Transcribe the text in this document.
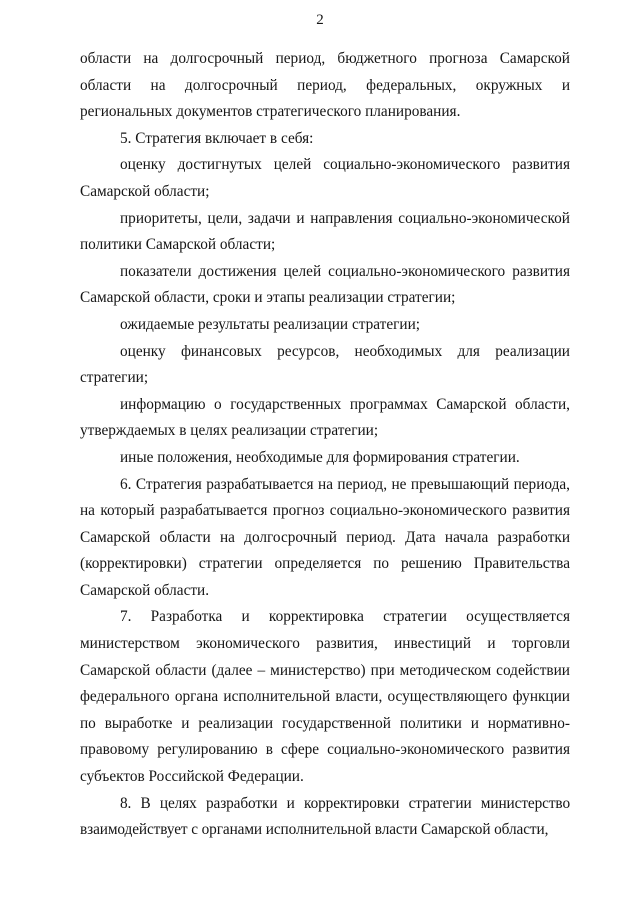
2

области на долгосрочный период, бюджетного прогноза Самарской области на долгосрочный период, федеральных, окружных и региональных документов стратегического планирования.

5. Стратегия включает в себя:

оценку достигнутых целей социально-экономического развития Самарской области;

приоритеты, цели, задачи и направления социально-экономической политики Самарской области;

показатели достижения целей социально-экономического развития Самарской области, сроки и этапы реализации стратегии;

ожидаемые результаты реализации стратегии;

оценку финансовых ресурсов, необходимых для реализации стратегии;

информацию о государственных программах Самарской области, утверждаемых в целях реализации стратегии;

иные положения, необходимые для формирования стратегии.

6. Стратегия разрабатывается на период, не превышающий периода, на который разрабатывается прогноз социально-экономического развития Самарской области на долгосрочный период. Дата начала разработки (корректировки) стратегии определяется по решению Правительства Самарской области.

7. Разработка и корректировка стратегии осуществляется министерством экономического развития, инвестиций и торговли Самарской области (далее – министерство) при методическом содействии федерального органа исполнительной власти, осуществляющего функции по выработке и реализации государственной политики и нормативно-правовому регулированию в сфере социально-экономического развития субъектов Российской Федерации.

8. В целях разработки и корректировки стратегии министерство взаимодействует с органами исполнительной власти Самарской области,
